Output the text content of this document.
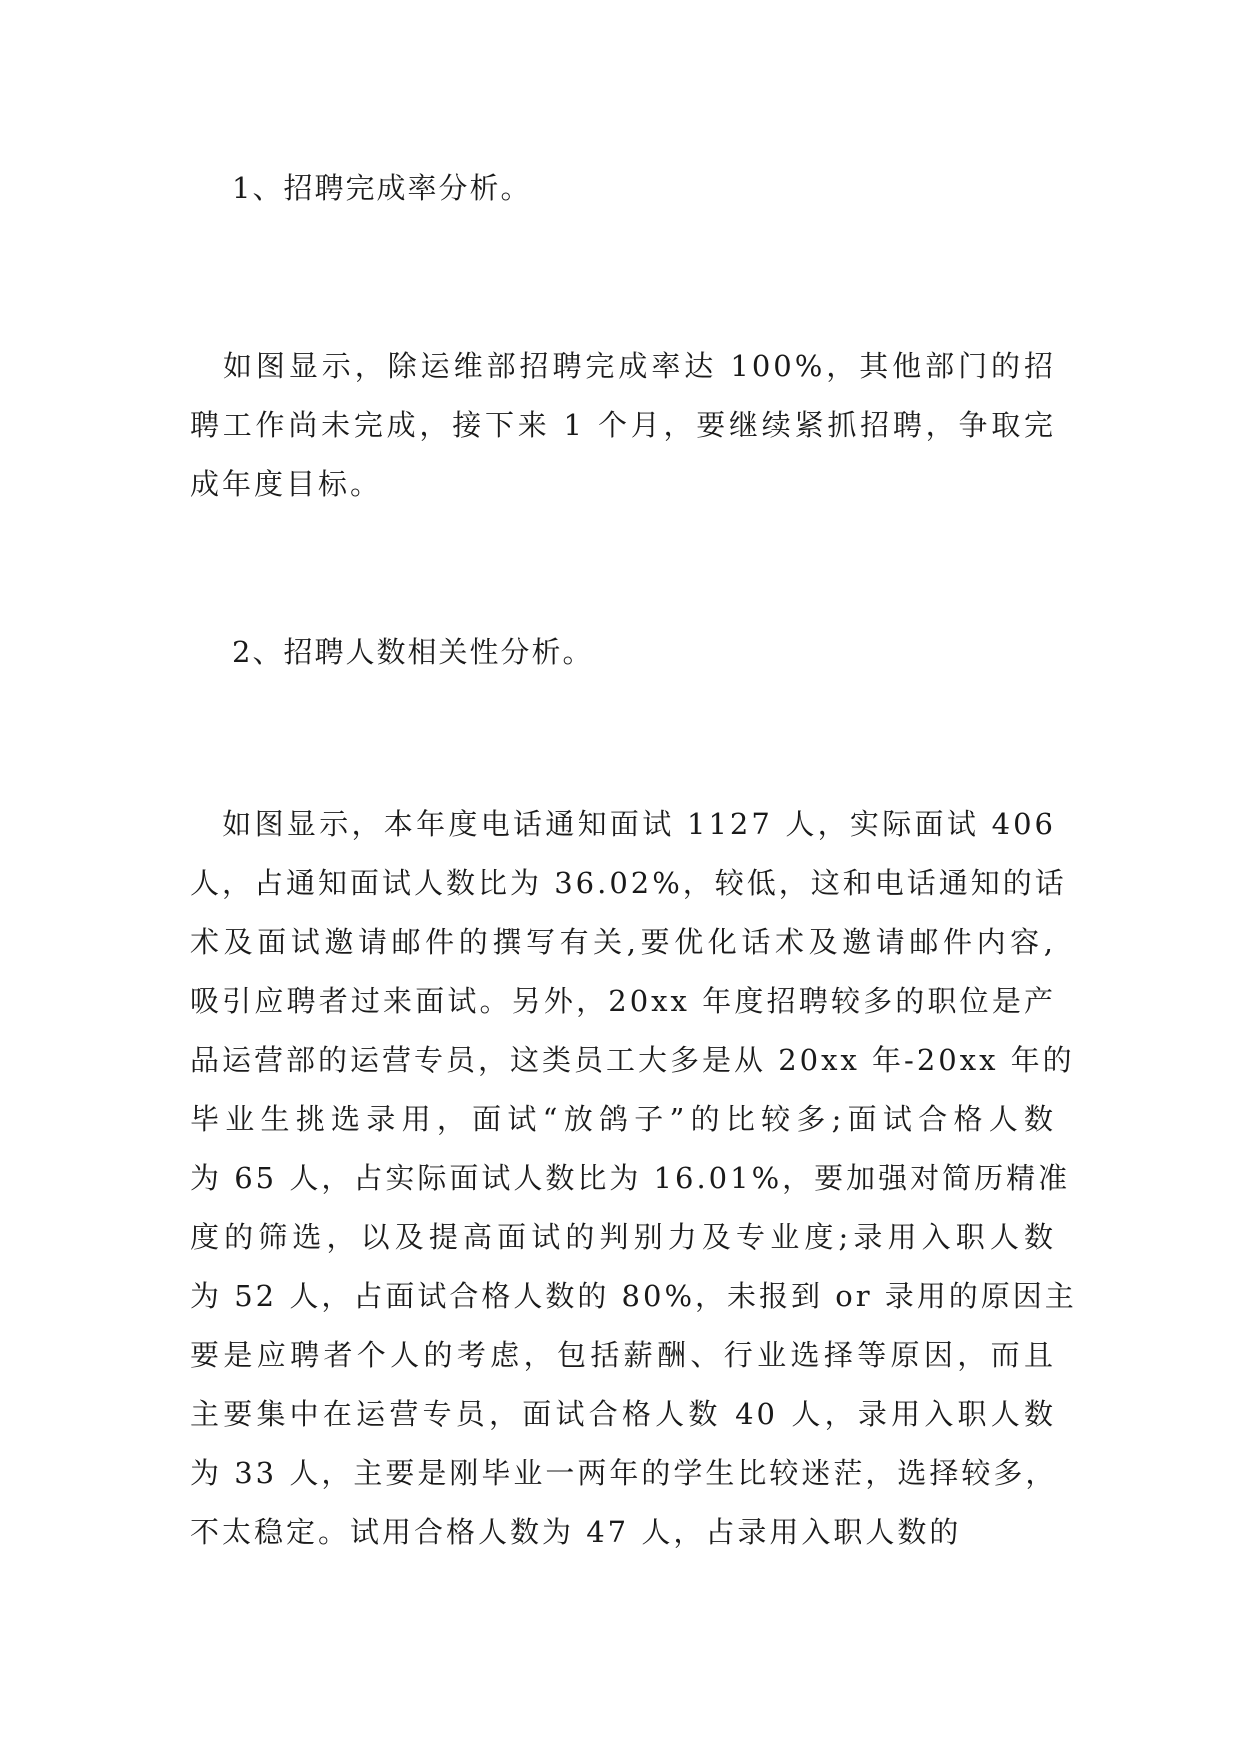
1、招聘完成率分析。
　如图显示，除运维部招聘完成率达 100%，其他部门的招
聘工作尚未完成，接下来 1 个月，要继续紧抓招聘，争取完
成年度目标。
2、招聘人数相关性分析。
　如图显示，本年度电话通知面试 1127 人，实际面试 406
人，占通知面试人数比为 36.02%，较低，这和电话通知的话
术及面试邀请邮件的撰写有关,要优化话术及邀请邮件内容,
吸引应聘者过来面试。另外，20xx 年度招聘较多的职位是产
品运营部的运营专员，这类员工大多是从 20xx 年-20xx 年的
毕业生挑选录用，面试“放鸽子”的比较多;面试合格人数
为 65 人，占实际面试人数比为 16.01%，要加强对简历精准
度的筛选，以及提高面试的判别力及专业度;录用入职人数
为 52 人，占面试合格人数的 80%，未报到 or 录用的原因主
要是应聘者个人的考虑，包括薪酬、行业选择等原因，而且
主要集中在运营专员，面试合格人数 40 人，录用入职人数
为 33 人，主要是刚毕业一两年的学生比较迷茫，选择较多，
不太稳定。试用合格人数为 47 人，占录用入职人数的
